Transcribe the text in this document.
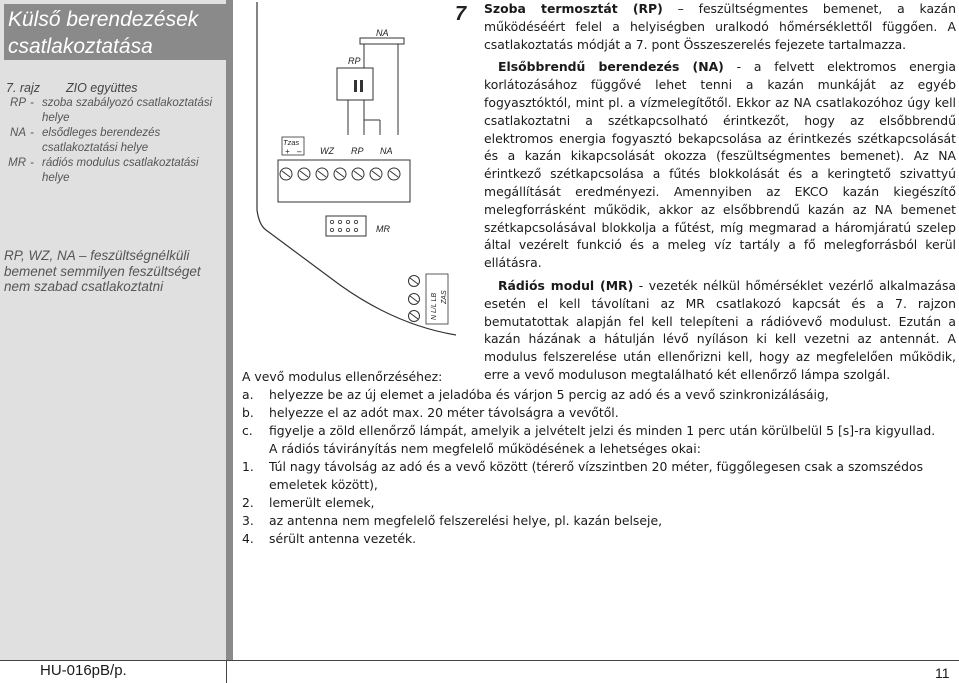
Külső berendezések
csatlakoztatása
7. rajz	ZIO együttes
RP - szoba szabályozó csatlakoztatási helye
NA - elsődleges berendezés csatlakoztatási helye
MR - rádiós modulus csatlakoztatási helye
RP, WZ, NA – feszültségnélküli bemenet semmilyen feszültséget nem szabad csatlakoztatni
NA
RP
Tzas
+ – WZ RP NA
MR
N L/L LB ZAS
7 Szoba termosztát (RP) – feszültségmentes bemenet, a kazán működéséért felel a helyiségben uralkodó hőmérséklettől függően. A csatlakoztatás módját a 7. pont Összeszerelés fejezete tartalmazza.

Elsőbbrendű berendezés (NA) - a felvett elektromos energia korlátozásához függővé lehet tenni a kazán munkáját az egyéb fogyasztóktól, mint pl. a vízmelegítőtől. Ekkor az NA csatlakozóhoz úgy kell csatlakoztatni a szétkapcsolható érintkezőt, hogy az elsőbbrendű elektromos energia fogyasztó bekapcsolása az érintkezés szétkapcsolását és a kazán kikapcsolását okozza (feszültségmentes bemenet). Az NA érintkező szétkapcsolása a fűtés blokkolását és a keringtető szivattyú megállítását eredményezi. Amennyiben az EKCO kazán kiegészítő melegforrásként működik, akkor az elsőbbrendű kazán az NA bemenet szétkapcsolásával blokkolja a fűtést, míg megmarad a háromjáratú szelep által vezérelt funkció és a meleg víz tartály a fő melegforrásból kerül ellátásra.

Rádiós modul (MR) - vezeték nélkül hőmérséklet vezérlő alkalmazása esetén el kell távolítani az MR csatlakozó kapcsát és a 7. rajzon bemutatottak alapján fel kell telepíteni a rádióvevő modulust. Ezután a kazán házának a hátulján lévő nyíláson ki kell vezetni az antennát. A modulus felszerelése után ellenőrizni kell, hogy az megfelelően működik, erre a vevő moduluson megtalálható két ellenőrző lámpa szolgál.

A vevő modulus ellenőrzéséhez:
a.	helyezze be az új elemet a jeladóba és várjon 5 percig az adó és a vevő szinkronizálásáig,
b.	helyezze el az adót max. 20 méter távolságra a vevőtől.
c.	figyelje a zöld ellenőrző lámpát, amelyik a jelvételt jelzi és minden 1 perc után körülbelül 5 [s]-ra kigyullad.
A rádiós távirányítás nem megfelelő működésének a lehetséges okai:
1.	Túl nagy távolság az adó és a vevő között (térerő vízszintben 20 méter, függőlegesen csak a szomszédos emeletek között),
2.	lemerült elemek,
3.	az antenna nem megfelelő felszerelési helye, pl. kazán belseje,
4.	sérült antenna vezeték.
HU-016pB/p.	11
